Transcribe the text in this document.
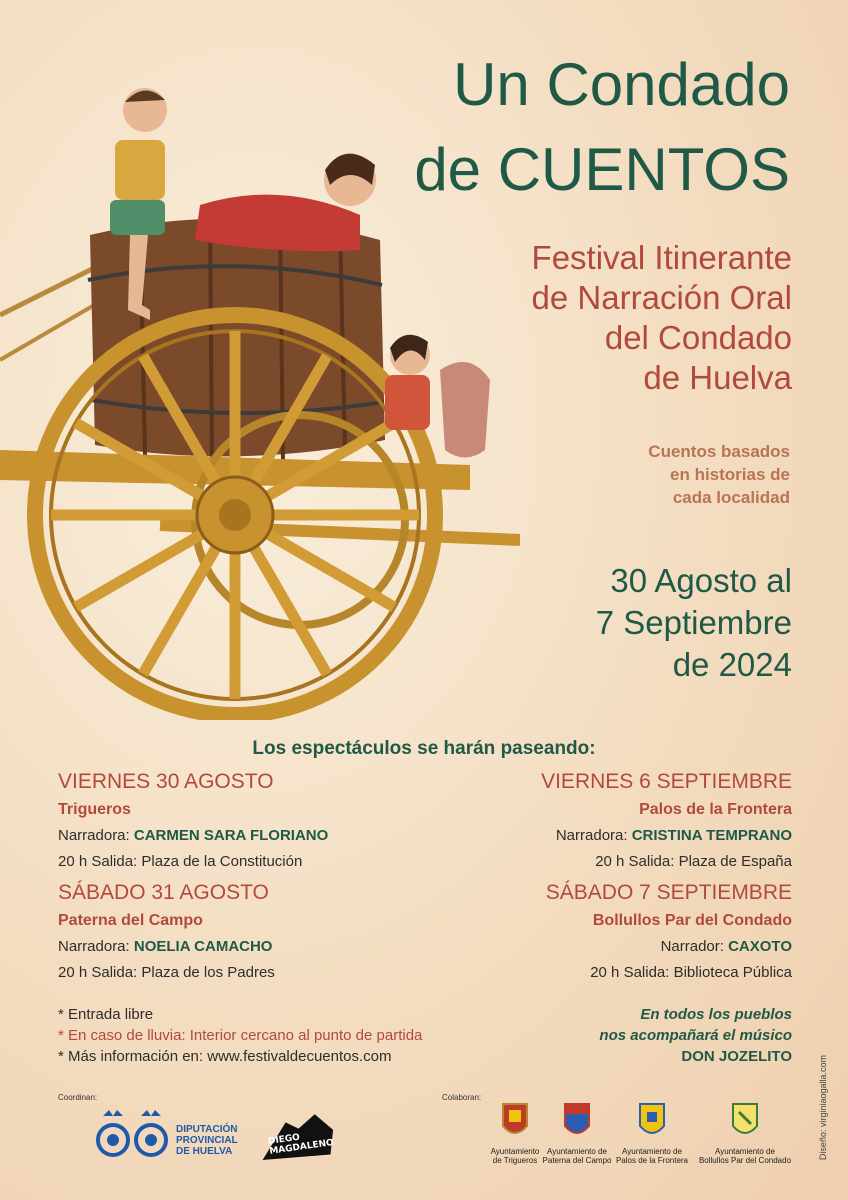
Un Condado
de CUENTOS
Festival Itinerante
de Narración Oral
del Condado
de Huelva
Cuentos basados
en historias de
cada localidad
30 Agosto al
7 Septiembre
de 2024
Los espectáculos se harán paseando:
VIERNES 30 AGOSTO
Trigueros
Narradora: CARMEN SARA FLORIANO
20 h Salida: Plaza de la Constitución
SÁBADO 31 AGOSTO
Paterna del Campo
Narradora: NOELIA CAMACHO
20 h Salida: Plaza de los Padres
VIERNES 6 SEPTIEMBRE
Palos de la Frontera
Narradora: CRISTINA TEMPRANO
20 h Salida: Plaza de España
SÁBADO 7 SEPTIEMBRE
Bollullos Par del Condado
Narrador: CAXOTO
20 h Salida: Biblioteca Pública
* Entrada libre
* En caso de lluvia: Interior cercano al punto de partida
* Más información en: www.festivaldecuentos.com
En todos los pueblos
nos acompañará el músico
DON JOZELITO
Coordinan:	Colaboran:
DIPUTACIÓN
PROVINCIAL
DE HUELVA
DIEGO MAGDALENO	Ayuntamiento
de Trigueros
Ayuntamiento de
Paterna del Campo
Ayuntamiento de
Palos de la Frontera
Ayuntamiento de
Bollullos Par del Condado
Diseño: virginiaogalla.com
